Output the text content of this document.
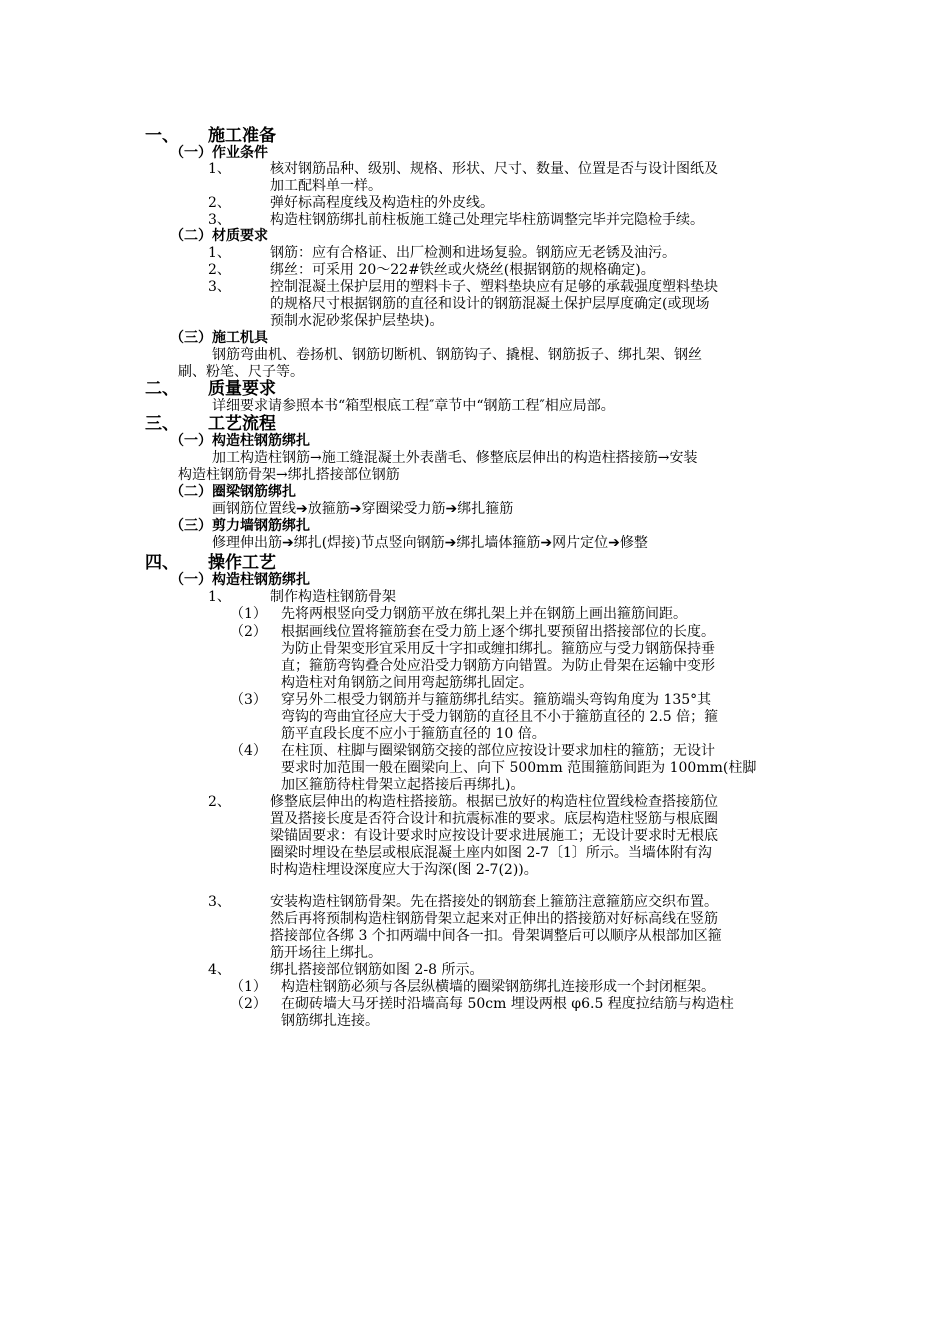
一、 施工准备
（一） 作业条件
1、	核对钢筋品种、级别、规格、形状、尺寸、数量、位置是否与设计图纸及
加工配料单一样。
2、	弹好标高程度线及构造柱的外皮线。
3、	构造柱钢筋绑扎前柱板施工缝己处理完毕柱筋调整完毕并完隐检手续。
（二） 材质要求
1、	钢筋：应有合格证、出厂检测和进场复验。钢筋应无老锈及油污。
2、	绑丝：可采用 20～22#铁丝或火烧丝(根据钢筋的规格确定)。
3、	控制混凝土保护层用的塑料卡子、塑料垫块应有足够的承载强度塑料垫块
的规格尺寸根据钢筋的直径和设计的钢筋混凝土保护层厚度确定(或现场
预制水泥砂浆保护层垫块)。
（三） 施工机具
钢筋弯曲机、卷扬机、钢筋切断机、钢筋钩子、撬棍、钢筋扳子、绑扎架、钢丝
刷、粉笔、尺子等。
二、 质量要求
详细要求请参照本书“箱型根底工程″章节中“钢筋工程″相应局部。
三、 工艺流程
（一） 构造柱钢筋绑扎
加工构造柱钢筋→施工缝混凝土外表凿毛、修整底层伸出的构造柱搭接筋→安装
构造柱钢筋骨架→绑扎搭接部位钢筋
（二） 圈梁钢筋绑扎
画钢筋位置线➔放箍筋➔穿圈梁受力筋➔绑扎箍筋
（三） 剪力墙钢筋绑扎
修理伸出筋➔绑扎(焊接)节点竖向钢筋➔绑扎墙体箍筋➔网片定位➔修整
四、 操作工艺
（一） 构造柱钢筋绑扎
1、	制作构造柱钢筋骨架
（1） 先将两根竖向受力钢筋平放在绑扎架上并在钢筋上画出箍筋间距。
（2） 根据画线位置将箍筋套在受力筋上逐个绑扎要预留出搭接部位的长度。
为防止骨架变形宜采用反十字扣或缠扣绑扎。箍筋应与受力钢筋保持垂
直；箍筋弯钩叠合处应沿受力钢筋方向错置。为防止骨架在运输中变形
构造柱对角钢筋之间用弯起筋绑扎固定。
（3） 穿另外二根受力钢筋并与箍筋绑扎结实。箍筋端头弯钩角度为 135°其
弯钩的弯曲宜径应大于受力钢筋的直径且不小于箍筋直径的 2.5 倍；箍
筋平直段长度不应小于箍筋直径的 10 倍。
（4） 在柱顶、柱脚与圈梁钢筋交接的部位应按设计要求加柱的箍筋；无设计
要求时加范围一般在圈梁向上、向下 500mm 范围箍筋间距为 100mm(柱脚
加区箍筋待柱骨架立起搭接后再绑扎)。
2、	修整底层伸出的构造柱搭接筋。根据已放好的构造柱位置线检查搭接筋位
置及搭接长度是否符合设计和抗震标准的要求。底层构造柱竖筋与根底圈
梁锚固要求：有设计要求时应按设计要求进展施工；无设计要求时无根底
圈梁时埋设在垫层或根底混凝土座内如图 2-7〔1〕所示。当墙体附有沟
时构造柱埋设深度应大于沟深(图 2-7(2))。
3、	安装构造柱钢筋骨架。先在搭接处的钢筋套上箍筋注意箍筋应交织布置。
然后再将预制构造柱钢筋骨架立起来对正伸出的搭接筋对好标高线在竖筋
搭接部位各绑 3 个扣两端中间各一扣。骨架调整后可以顺序从根部加区箍
筋开场往上绑扎。
4、	绑扎搭接部位钢筋如图 2-8 所示。
（1） 构造柱钢筋必须与各层纵横墙的圈梁钢筋绑扎连接形成一个封闭框架。
（2） 在砌砖墙大马牙搓时沿墙高每 50cm 埋设两根 φ6.5 程度拉结筋与构造柱
钢筋绑扎连接。
